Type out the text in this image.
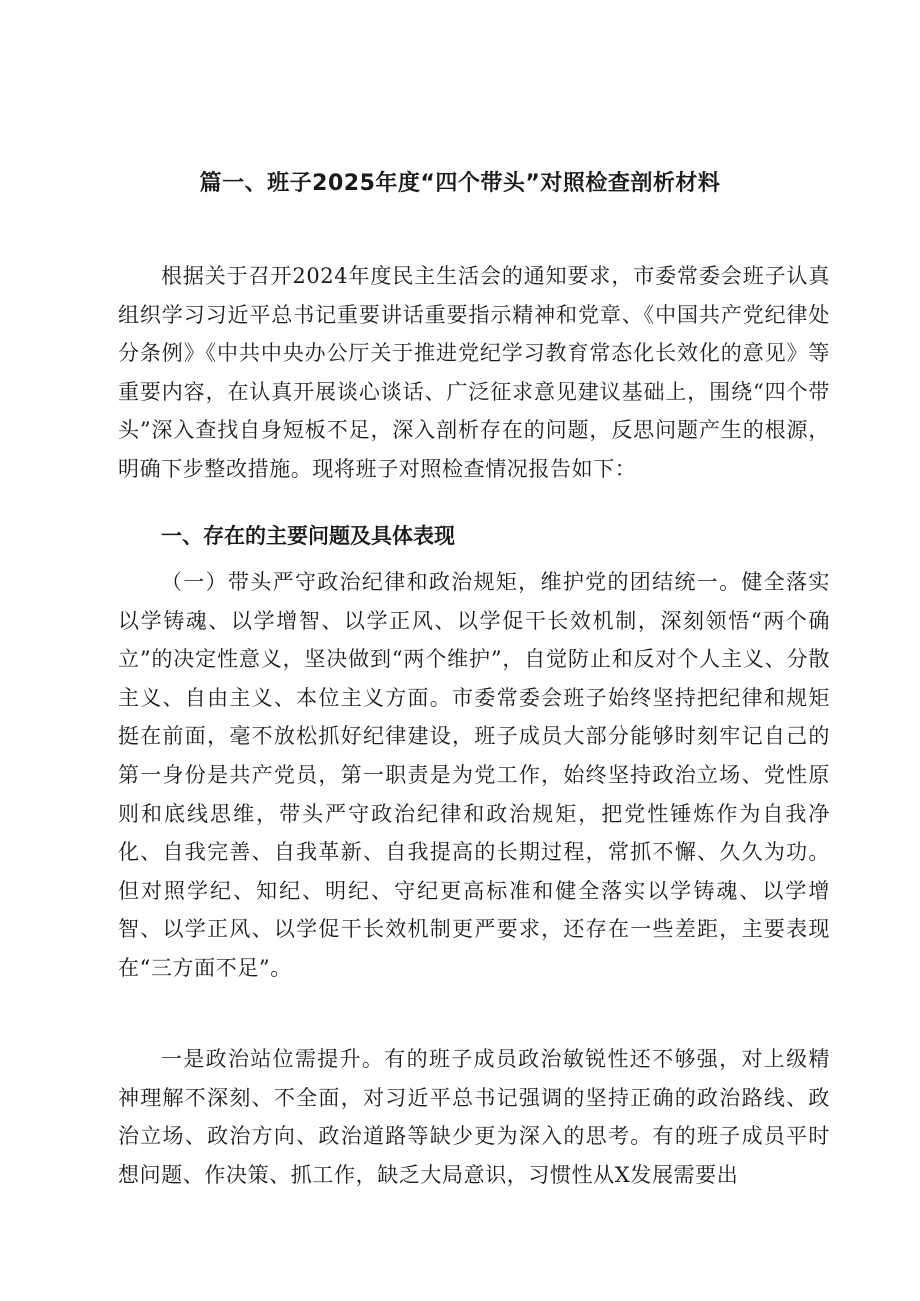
篇一、班子2025年度“四个带头”对照检查剖析材料

根据关于召开2024年度民主生活会的通知要求，市委常委会班子认真组织学习习近平总书记重要讲话重要指示精神和党章、《中国共产党纪律处分条例》《中共中央办公厅关于推进党纪学习教育常态化长效化的意见》等重要内容，在认真开展谈心谈话、广泛征求意见建议基础上，围绕“四个带头”深入查找自身短板不足，深入剖析存在的问题，反思问题产生的根源，明确下步整改措施。现将班子对照检查情况报告如下：

一、存在的主要问题及具体表现

（一）带头严守政治纪律和政治规矩，维护党的团结统一。健全落实以学铸魂、以学增智、以学正风、以学促干长效机制，深刻领悟“两个确立”的决定性意义，坚决做到“两个维护”，自觉防止和反对个人主义、分散主义、自由主义、本位主义方面。市委常委会班子始终坚持把纪律和规矩挺在前面，毫不放松抓好纪律建设，班子成员大部分能够时刻牢记自己的第一身份是共产党员，第一职责是为党工作，始终坚持政治立场、党性原则和底线思维，带头严守政治纪律和政治规矩，把党性锤炼作为自我净化、自我完善、自我革新、自我提高的长期过程，常抓不懈、久久为功。但对照学纪、知纪、明纪、守纪更高标准和健全落实以学铸魂、以学增智、以学正风、以学促干长效机制更严要求，还存在一些差距，主要表现在“三方面不足”。

一是政治站位需提升。有的班子成员政治敏锐性还不够强，对上级精神理解不深刻、不全面，对习近平总书记强调的坚持正确的政治路线、政治立场、政治方向、政治道路等缺少更为深入的思考。有的班子成员平时想问题、作决策、抓工作，缺乏大局意识，习惯性从X发展需要出
